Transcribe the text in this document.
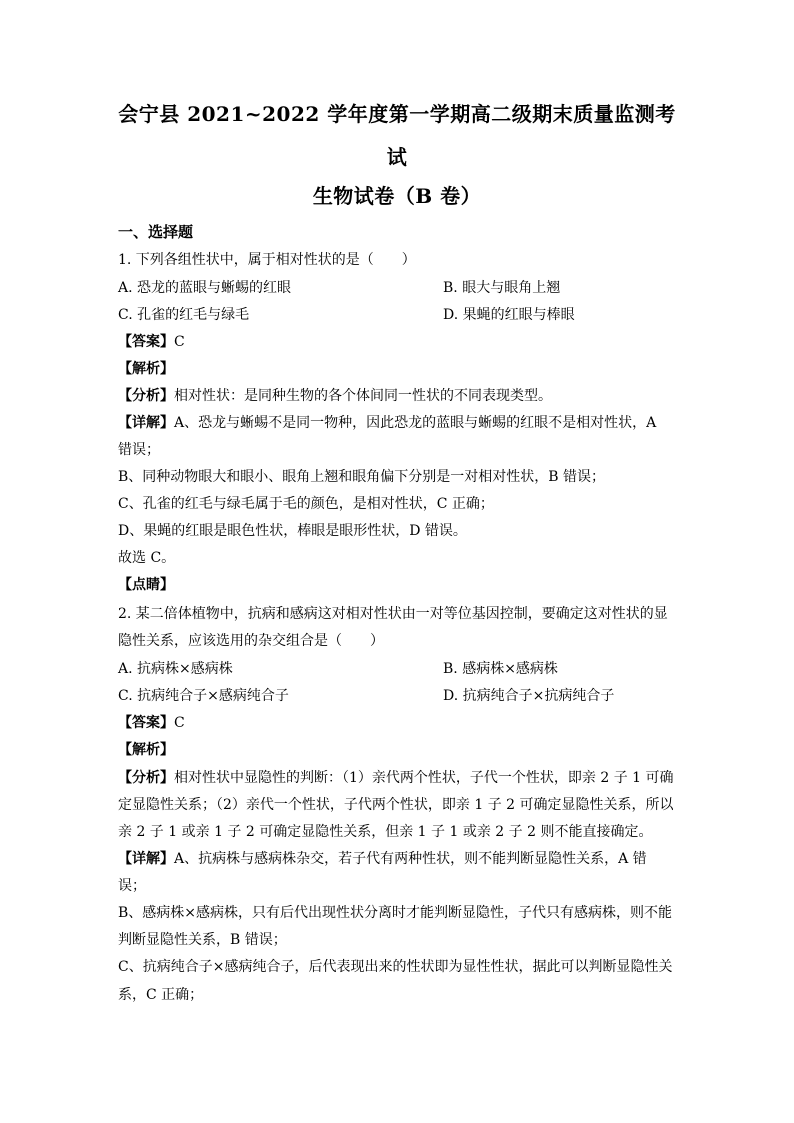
会宁县 2021~2022 学年度第一学期高二级期末质量监测考
试
生物试卷（B 卷）
一、选择题
1. 下列各组性状中，属于相对性状的是（　　）
A. 恐龙的蓝眼与蜥蜴的红眼	B. 眼大与眼角上翘
C. 孔雀的红毛与绿毛	D. 果蝇的红眼与棒眼
【答案】C
【解析】
【分析】相对性状：是同种生物的各个体间同一性状的不同表现类型。
【详解】A、恐龙与蜥蜴不是同一物种，因此恐龙的蓝眼与蜥蜴的红眼不是相对性状，A
错误；
B、同种动物眼大和眼小、眼角上翘和眼角偏下分别是一对相对性状，B 错误；
C、孔雀的红毛与绿毛属于毛的颜色，是相对性状，C 正确；
D、果蝇的红眼是眼色性状，棒眼是眼形性状，D 错误。
故选 C。
【点睛】
2. 某二倍体植物中，抗病和感病这对相对性状由一对等位基因控制，要确定这对性状的显
隐性关系，应该选用的杂交组合是（　　）
A. 抗病株×感病株	B. 感病株×感病株
C. 抗病纯合子×感病纯合子	D. 抗病纯合子×抗病纯合子
【答案】C
【解析】
【分析】相对性状中显隐性的判断：（1）亲代两个性状，子代一个性状，即亲 2 子 1 可确
定显隐性关系；（2）亲代一个性状，子代两个性状，即亲 1 子 2 可确定显隐性关系，所以
亲 2 子 1 或亲 1 子 2 可确定显隐性关系，但亲 1 子 1 或亲 2 子 2 则不能直接确定。
【详解】A、抗病株与感病株杂交，若子代有两种性状，则不能判断显隐性关系，A 错
误；
B、感病株×感病株，只有后代出现性状分离时才能判断显隐性，子代只有感病株，则不能
判断显隐性关系，B 错误；
C、抗病纯合子×感病纯合子，后代表现出来的性状即为显性性状，据此可以判断显隐性关
系，C 正确；
